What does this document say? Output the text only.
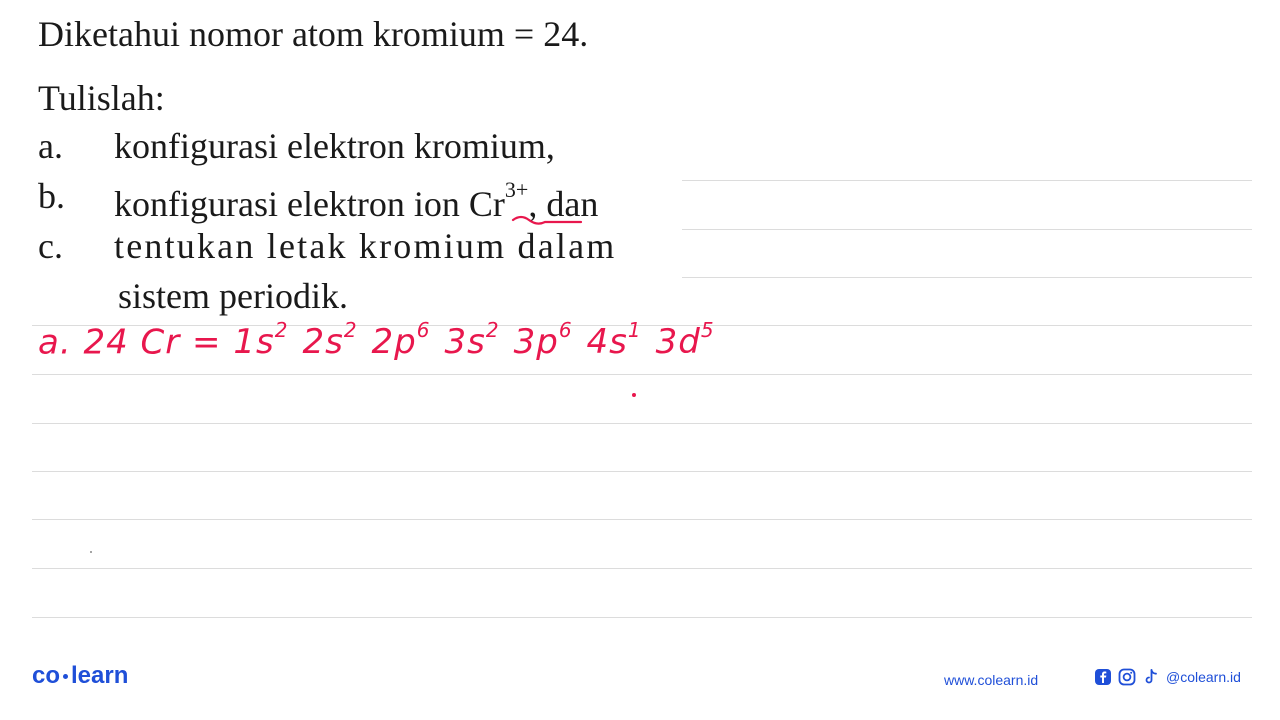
Diketahui nomor atom kromium = 24.
Tulislah:
a. konfigurasi elektron kromium,
b. konfigurasi elektron ion $Cr^{3+}$, dan
c. tentukan letak kromium dalam
sistem periodik.
a. 24 $Cr = 1s^2$ $2s^2$ $2p^6$ $3s^2$ $3p^6$ $4s^1$ $3d^5$
co learn	www.colearn.id	@colearn.id
